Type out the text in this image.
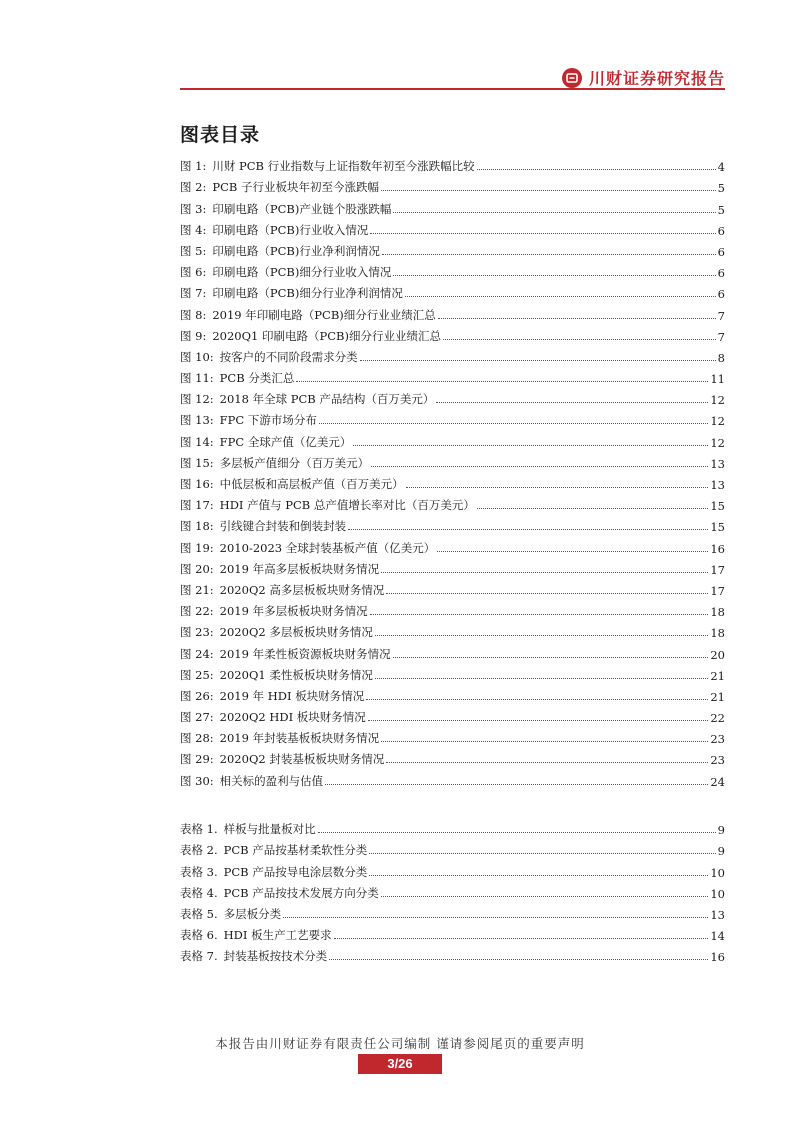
川财证券研究报告
图表目录
图 1: 川财 PCB 行业指数与上证指数年初至今涨跌幅比较	4
图 2: PCB 子行业板块年初至今涨跌幅	5
图 3: 印刷电路（PCB)产业链个股涨跌幅	5
图 4: 印刷电路（PCB)行业收入情况	6
图 5: 印刷电路（PCB)行业净利润情况	6
图 6: 印刷电路（PCB)细分行业收入情况	6
图 7: 印刷电路（PCB)细分行业净利润情况	6
图 8: 2019 年印刷电路（PCB)细分行业业绩汇总	7
图 9: 2020Q1 印刷电路（PCB)细分行业业绩汇总	7
图 10: 按客户的不同阶段需求分类	8
图 11: PCB 分类汇总	11
图 12: 2018 年全球 PCB 产品结构（百万美元）	12
图 13: FPC 下游市场分布	12
图 14: FPC 全球产值（亿美元）	12
图 15: 多层板产值细分（百万美元）	13
图 16: 中低层板和高层板产值（百万美元）	13
图 17: HDI 产值与 PCB 总产值增长率对比（百万美元）	15
图 18: 引线键合封装和倒装封装	15
图 19: 2010-2023 全球封装基板产值（亿美元）	16
图 20: 2019 年高多层板板块财务情况	17
图 21: 2020Q2 高多层板板块财务情况	17
图 22: 2019 年多层板板块财务情况	18
图 23: 2020Q2 多层板板块财务情况	18
图 24: 2019 年柔性板资源板块财务情况	20
图 25: 2020Q1 柔性板板块财务情况	21
图 26: 2019 年 HDI 板块财务情况	21
图 27: 2020Q2 HDI 板块财务情况	22
图 28: 2019 年封装基板板块财务情况	23
图 29: 2020Q2 封装基板板块财务情况	23
图 30: 相关标的盈利与估值	24
表格 1. 样板与批量板对比	9
表格 2. PCB 产品按基材柔软性分类	9
表格 3. PCB 产品按导电涂层数分类	10
表格 4. PCB 产品按技术发展方向分类	10
表格 5. 多层板分类	13
表格 6. HDI 板生产工艺要求	14
表格 7. 封装基板按技术分类	16
本报告由川财证券有限责任公司编制 谨请参阅尾页的重要声明
3/26
